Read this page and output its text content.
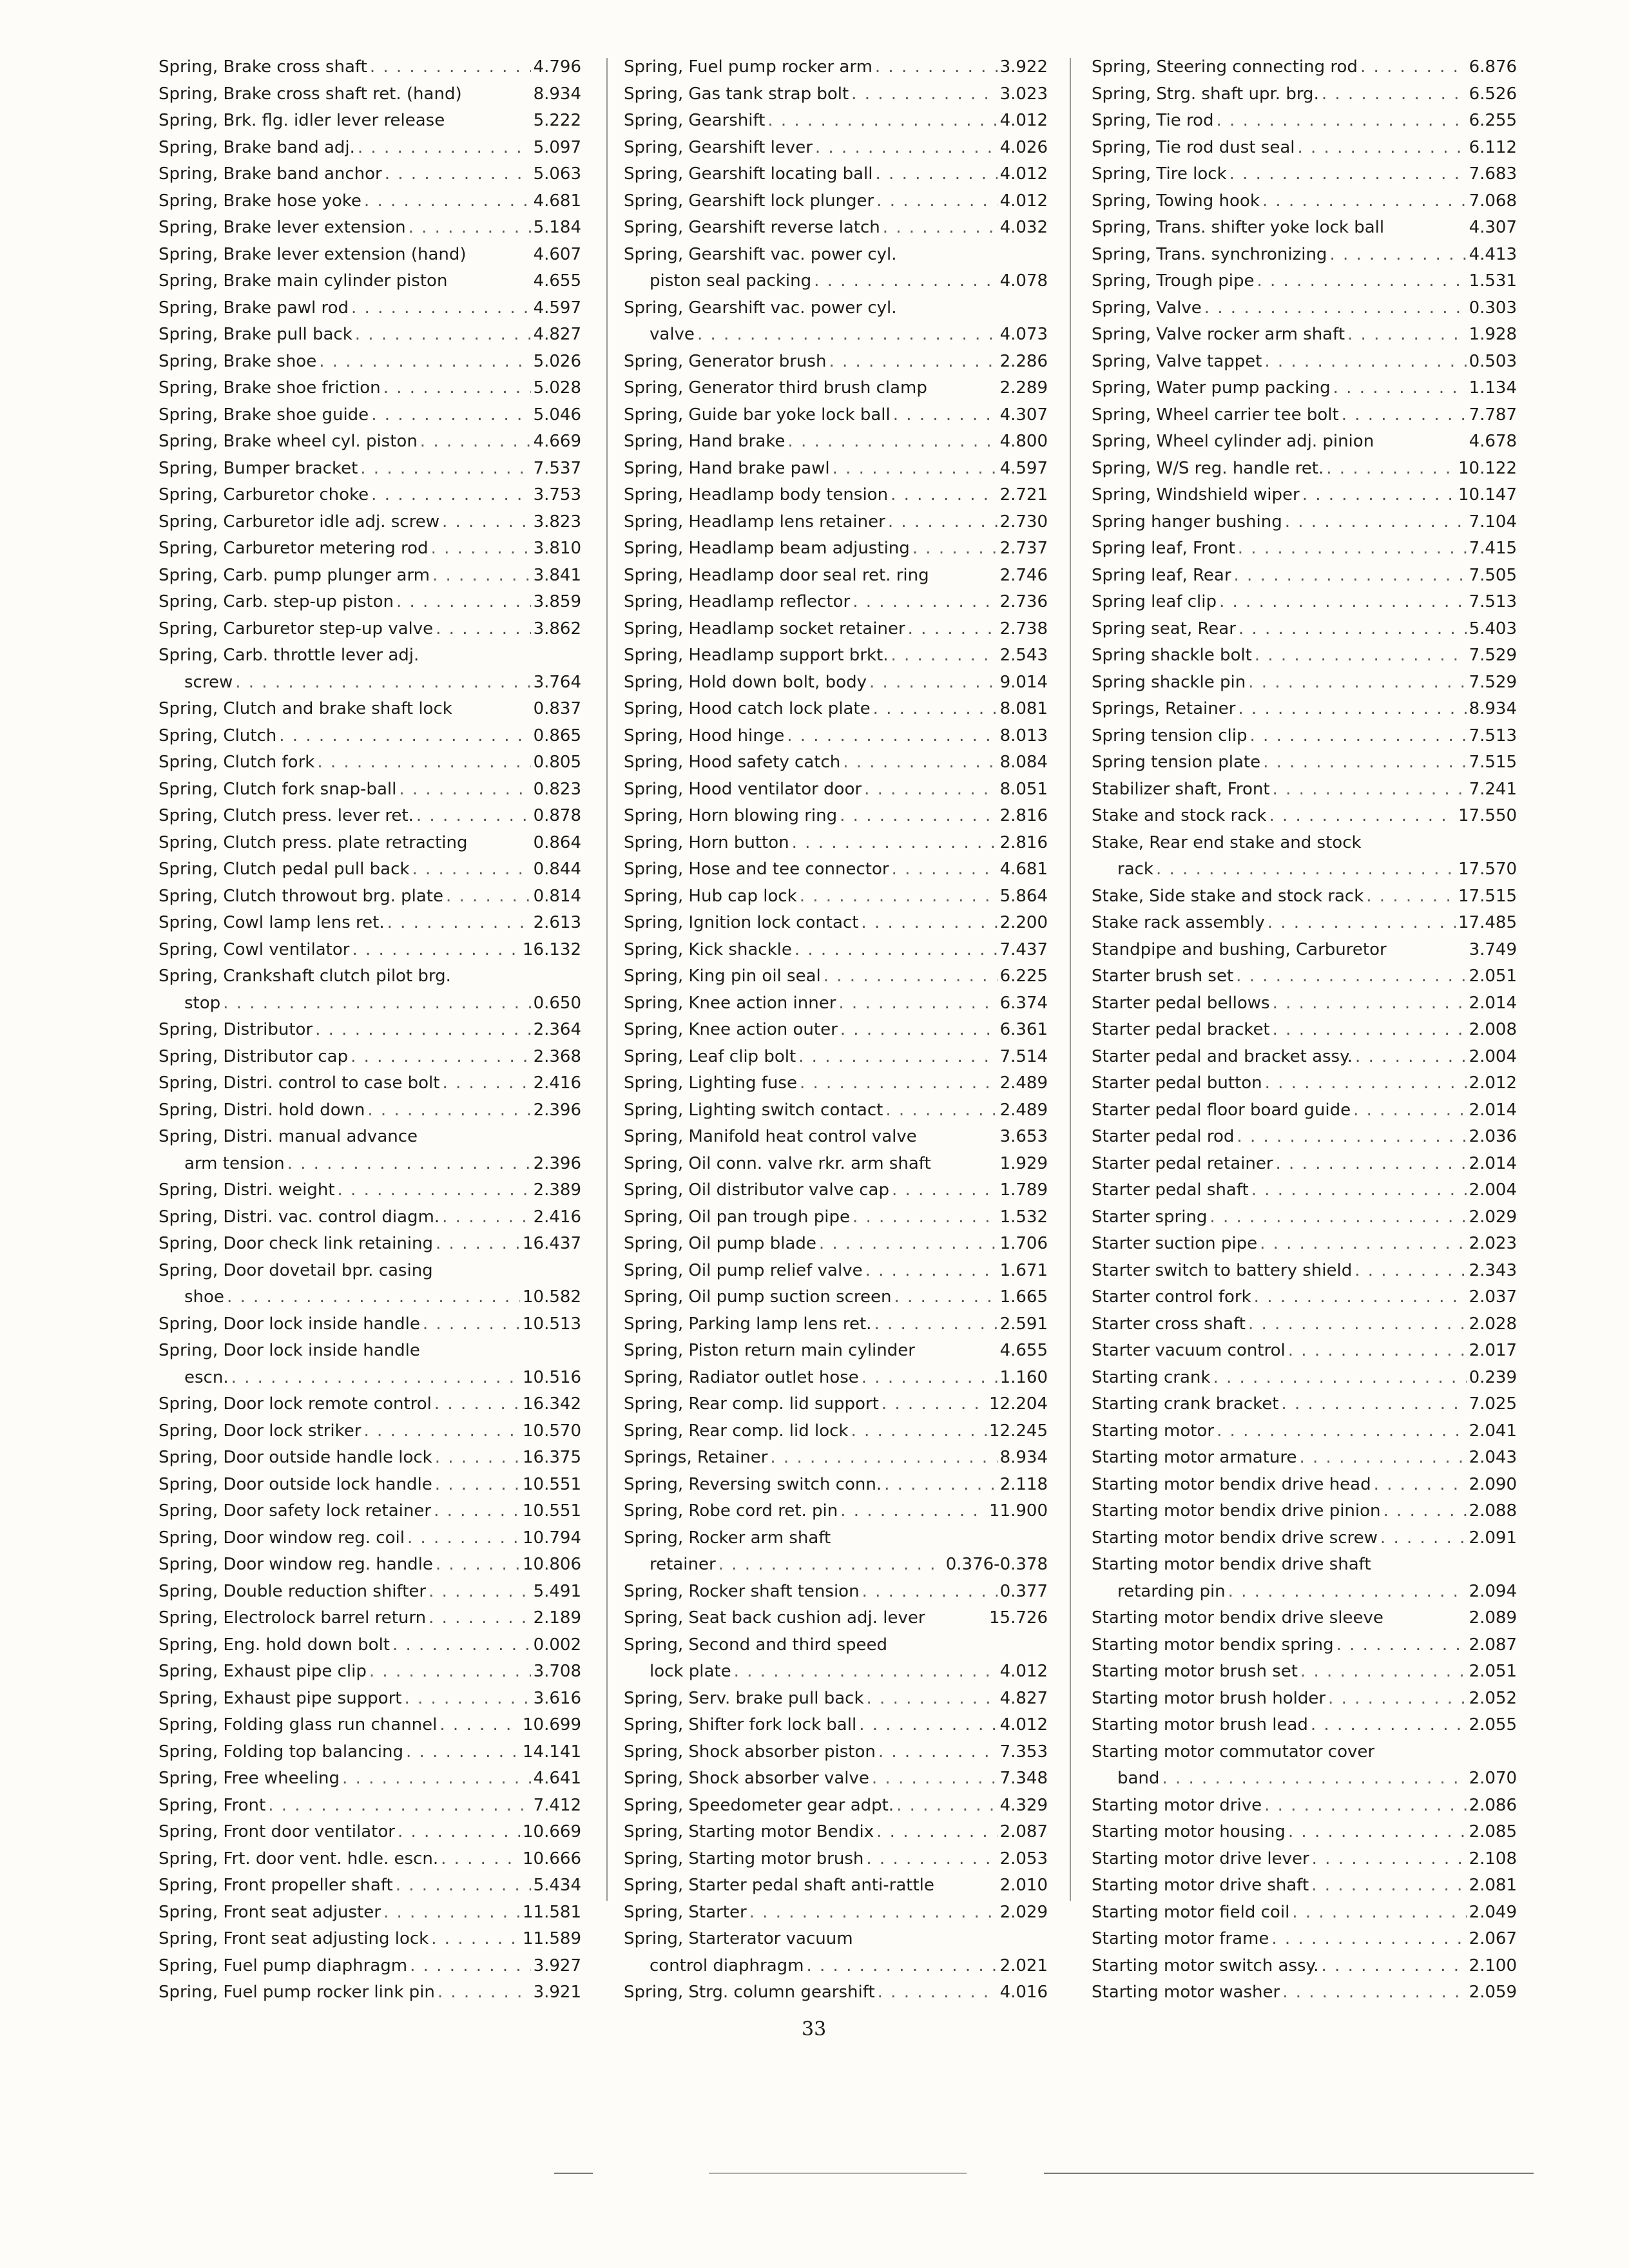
Spring, Brake cross shaft . . .	4.796
Spring, Brake cross shaft ret. (hand)	8.934
Spring, Brk. flg. idler lever release	5.222
Spring, Brake band adj. . . .	5.097
Spring, Brake band anchor . . .	5.063
Spring, Brake hose yoke . . .	4.681
Spring, Brake lever extension . . .	5.184
Spring, Brake lever extension (hand)	4.607
Spring, Brake main cylinder piston	4.655
Spring, Brake pawl rod . . .	4.597
Spring, Brake pull back . . .	4.827
Spring, Brake shoe . . .	5.026
Spring, Brake shoe friction . . .	5.028
Spring, Brake shoe guide . . .	5.046
Spring, Brake wheel cyl. piston . . .	4.669
Spring, Bumper bracket . . .	7.537
Spring, Carburetor choke . . .	3.753
Spring, Carburetor idle adj. screw . . .	3.823
Spring, Carburetor metering rod . . .	3.810
Spring, Carb. pump plunger arm . . .	3.841
Spring, Carb. step-up piston . . .	3.859
Spring, Carburetor step-up valve . . .	3.862
Spring, Carb. throttle lever adj.
screw . . .	3.764
Spring, Clutch and brake shaft lock	0.837
Spring, Clutch . . .	0.865
Spring, Clutch fork . . .	0.805
Spring, Clutch fork snap-ball . . .	0.823
Spring, Clutch press. lever ret. . . .	0.878
Spring, Clutch press. plate retracting	0.864
Spring, Clutch pedal pull back . . .	0.844
Spring, Clutch throwout brg. plate . . .	0.814
Spring, Cowl lamp lens ret. . . .	2.613
Spring, Cowl ventilator . . .	16.132
Spring, Crankshaft clutch pilot brg.
stop . . .	0.650
Spring, Distributor . . .	2.364
Spring, Distributor cap . . .	2.368
Spring, Distri. control to case bolt . . .	2.416
Spring, Distri. hold down . . .	2.396
Spring, Distri. manual advance
arm tension . . .	2.396
Spring, Distri. weight . . .	2.389
Spring, Distri. vac. control diagm. . . .	2.416
Spring, Door check link retaining . . .	16.437
Spring, Door dovetail bpr. casing
shoe . . .	10.582
Spring, Door lock inside handle . . .	10.513
Spring, Door lock inside handle
escn. . . .	10.516
Spring, Door lock remote control . . .	16.342
Spring, Door lock striker . . .	10.570
Spring, Door outside handle lock . . .	16.375
Spring, Door outside lock handle . . .	10.551
Spring, Door safety lock retainer . . .	10.551
Spring, Door window reg. coil . . .	10.794
Spring, Door window reg. handle . . .	10.806
Spring, Double reduction shifter . . .	5.491
Spring, Electrolock barrel return . . .	2.189
Spring, Eng. hold down bolt . . .	0.002
Spring, Exhaust pipe clip . . .	3.708
Spring, Exhaust pipe support . . .	3.616
Spring, Folding glass run channel . . .	10.699
Spring, Folding top balancing . . .	14.141
Spring, Free wheeling . . .	4.641
Spring, Front . . .	7.412
Spring, Front door ventilator . . .	10.669
Spring, Frt. door vent. hdle. escn. . . .	10.666
Spring, Front propeller shaft . . .	5.434
Spring, Front seat adjuster . . .	11.581
Spring, Front seat adjusting lock . . .	11.589
Spring, Fuel pump diaphragm . . .	3.927
Spring, Fuel pump rocker link pin . . .	3.921
Spring, Fuel pump rocker arm . . .	3.922
Spring, Gas tank strap bolt . . .	3.023
Spring, Gearshift . . .	4.012
Spring, Gearshift lever . . .	4.026
Spring, Gearshift locating ball . . .	4.012
Spring, Gearshift lock plunger . . .	4.012
Spring, Gearshift reverse latch . . .	4.032
Spring, Gearshift vac. power cyl.
piston seal packing . . .	4.078
Spring, Gearshift vac. power cyl.
valve . . .	4.073
Spring, Generator brush . . .	2.286
Spring, Generator third brush clamp	2.289
Spring, Guide bar yoke lock ball . . .	4.307
Spring, Hand brake . . .	4.800
Spring, Hand brake pawl . . .	4.597
Spring, Headlamp body tension . . .	2.721
Spring, Headlamp lens retainer . . .	2.730
Spring, Headlamp beam adjusting . . .	2.737
Spring, Headlamp door seal ret. ring	2.746
Spring, Headlamp reflector . . .	2.736
Spring, Headlamp socket retainer . . .	2.738
Spring, Headlamp support brkt. . . .	2.543
Spring, Hold down bolt, body . . .	9.014
Spring, Hood catch lock plate . . .	8.081
Spring, Hood hinge . . .	8.013
Spring, Hood safety catch . . .	8.084
Spring, Hood ventilator door . . .	8.051
Spring, Horn blowing ring . . .	2.816
Spring, Horn button . . .	2.816
Spring, Hose and tee connector . . .	4.681
Spring, Hub cap lock . . .	5.864
Spring, Ignition lock contact . . .	2.200
Spring, Kick shackle . . .	7.437
Spring, King pin oil seal . . .	6.225
Spring, Knee action inner . . .	6.374
Spring, Knee action outer . . .	6.361
Spring, Leaf clip bolt . . .	7.514
Spring, Lighting fuse . . .	2.489
Spring, Lighting switch contact . . .	2.489
Spring, Manifold heat control valve	3.653
Spring, Oil conn. valve rkr. arm shaft	1.929
Spring, Oil distributor valve cap . . .	1.789
Spring, Oil pan trough pipe . . .	1.532
Spring, Oil pump blade . . .	1.706
Spring, Oil pump relief valve . . .	1.671
Spring, Oil pump suction screen . . .	1.665
Spring, Parking lamp lens ret. . . .	2.591
Spring, Piston return main cylinder	4.655
Spring, Radiator outlet hose . . .	1.160
Spring, Rear comp. lid support . . .	12.204
Spring, Rear comp. lid lock . . .	12.245
Springs, Retainer . . .	8.934
Spring, Reversing switch conn. . . .	2.118
Spring, Robe cord ret. pin . . .	11.900
Spring, Rocker arm shaft
retainer . . .	0.376-0.378
Spring, Rocker shaft tension . . .	0.377
Spring, Seat back cushion adj. lever	15.726
Spring, Second and third speed
lock plate . . .	4.012
Spring, Serv. brake pull back . . .	4.827
Spring, Shifter fork lock ball . . .	4.012
Spring, Shock absorber piston . . .	7.353
Spring, Shock absorber valve . . .	7.348
Spring, Speedometer gear adpt. . . .	4.329
Spring, Starting motor Bendix . . .	2.087
Spring, Starting motor brush . . .	2.053
Spring, Starter pedal shaft anti-rattle	2.010
Spring, Starter . . .	2.029
Spring, Starterator vacuum
control diaphragm . . .	2.021
Spring, Strg. column gearshift . . .	4.016
Spring, Steering connecting rod . . .	6.876
Spring, Strg. shaft upr. brg. . . .	6.526
Spring, Tie rod . . .	6.255
Spring, Tie rod dust seal . . .	6.112
Spring, Tire lock . . .	7.683
Spring, Towing hook . . .	7.068
Spring, Trans. shifter yoke lock ball	4.307
Spring, Trans. synchronizing . . .	4.413
Spring, Trough pipe . . .	1.531
Spring, Valve . . .	0.303
Spring, Valve rocker arm shaft . . .	1.928
Spring, Valve tappet . . .	0.503
Spring, Water pump packing . . .	1.134
Spring, Wheel carrier tee bolt . . .	7.787
Spring, Wheel cylinder adj. pinion	4.678
Spring, W/S reg. handle ret. . . .	10.122
Spring, Windshield wiper . . .	10.147
Spring hanger bushing . . .	7.104
Spring leaf, Front . . .	7.415
Spring leaf, Rear . . .	7.505
Spring leaf clip . . .	7.513
Spring seat, Rear . . .	5.403
Spring shackle bolt . . .	7.529
Spring shackle pin . . .	7.529
Springs, Retainer . . .	8.934
Spring tension clip . . .	7.513
Spring tension plate . . .	7.515
Stabilizer shaft, Front . . .	7.241
Stake and stock rack . . .	17.550
Stake, Rear end stake and stock
rack . . .	17.570
Stake, Side stake and stock rack . . .	17.515
Stake rack assembly . . .	17.485
Standpipe and bushing, Carburetor	3.749
Starter brush set . . .	2.051
Starter pedal bellows . . .	2.014
Starter pedal bracket . . .	2.008
Starter pedal and bracket assy. . . .	2.004
Starter pedal button . . .	2.012
Starter pedal floor board guide . . .	2.014
Starter pedal rod . . .	2.036
Starter pedal retainer . . .	2.014
Starter pedal shaft . . .	2.004
Starter spring . . .	2.029
Starter suction pipe . . .	2.023
Starter switch to battery shield . . .	2.343
Starter control fork . . .	2.037
Starter cross shaft . . .	2.028
Starter vacuum control . . .	2.017
Starting crank . . .	0.239
Starting crank bracket . . .	7.025
Starting motor . . .	2.041
Starting motor armature . . .	2.043
Starting motor bendix drive head . . .	2.090
Starting motor bendix drive pinion . . .	2.088
Starting motor bendix drive screw . . .	2.091
Starting motor bendix drive shaft
retarding pin . . .	2.094
Starting motor bendix drive sleeve	2.089
Starting motor bendix spring . . .	2.087
Starting motor brush set . . .	2.051
Starting motor brush holder . . .	2.052
Starting motor brush lead . . .	2.055
Starting motor commutator cover
band . . .	2.070
Starting motor drive . . .	2.086
Starting motor housing . . .	2.085
Starting motor drive lever . . .	2.108
Starting motor drive shaft . . .	2.081
Starting motor field coil . . .	2.049
Starting motor frame . . .	2.067
Starting motor switch assy. . . .	2.100
Starting motor washer . . .	2.059
33
